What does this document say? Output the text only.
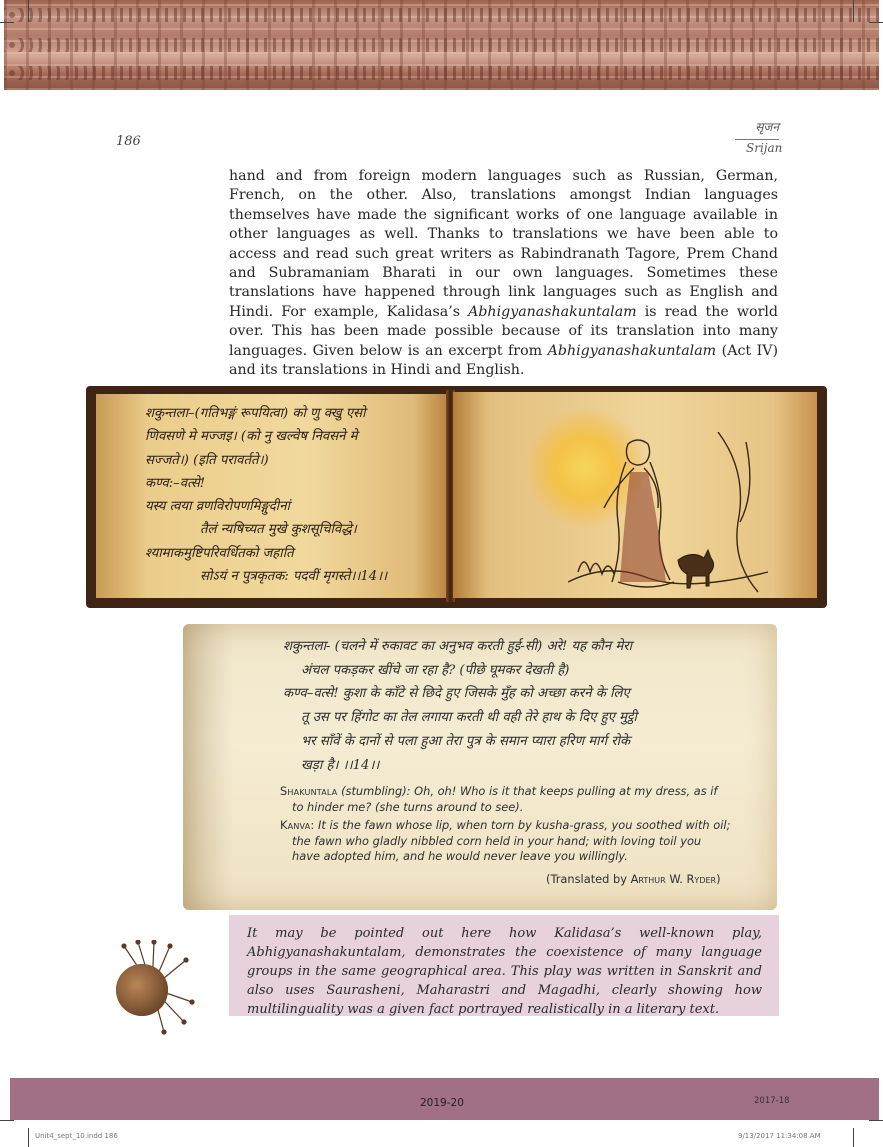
186
सृजन
Srijan

hand and from foreign modern languages such as Russian, German, French, on the other. Also, translations amongst Indian languages themselves have made the significant works of one language available in other languages as well. Thanks to translations we have been able to access and read such great writers as Rabindranath Tagore, Prem Chand and Subramaniam Bharati in our own languages. Sometimes these translations have happened through link languages such as English and Hindi. For example, Kalidasa’s Abhigyanashakuntalam is read the world over. This has been made possible because of its translation into many languages. Given below is an excerpt from Abhigyanashakuntalam (Act IV) and its translations in Hindi and English.

शकुन्तला–(गतिभङ्गं रूपयित्वा) को णु क्खु एसो
णिवसणे मे मज्जइ। (को नु खल्वेष निवसने मे
सज्जते।) (इति परावर्तते।)
कण्व:–वत्से!
यस्य त्वया व्रणविरोपणमिङ्गुदीनां
तैलं न्यषिच्यत मुखे कुशसूचिविद्धे।
श्यामाकमुष्टिपरिवर्धितको जहाति
सोऽयं न पुत्रकृतक: पदवीं मृगस्ते।।14।।
शकुन्तला- (चलने में रुकावट का अनुभव करती हुई-सी) अरे! यह कौन मेरा
अंचल पकड़कर खींचे जा रहा है? (पीछे घूमकर देखती है)
कण्व–वत्से! कुशा के काँटे से छिदे हुए जिसके मुँह को अच्छा करने के लिए
तू उस पर हिंगोट का तेल लगाया करती थी वही तेरे हाथ के दिए हुए मुट्ठी
भर साँवें के दानों से पला हुआ तेरा पुत्र के समान प्यारा हरिण मार्ग रोके
खड़ा है। ।।14।।

Shakuntala (stumbling): Oh, oh! Who is it that keeps pulling at my dress, as if to hinder me? (she turns around to see).

Kanva: It is the fawn whose lip, when torn by kusha-grass, you soothed with oil; the fawn who gladly nibbled corn held in your hand; with loving toil you have adopted him, and he would never leave you willingly.

(Translated by Arthur W. Ryder)

It may be pointed out here how Kalidasa’s well-known play, Abhigyanashakuntalam, demonstrates the coexistence of many language groups in the same geographical area. This play was written in Sanskrit and also uses Saurasheni, Maharastri and Magadhi, clearly showing how multilinguality was a given fact portrayed realistically in a literary text.

2019-20	2017-18
Unit4_sept_10.indd 186	9/13/2017 11:34:08 AM
